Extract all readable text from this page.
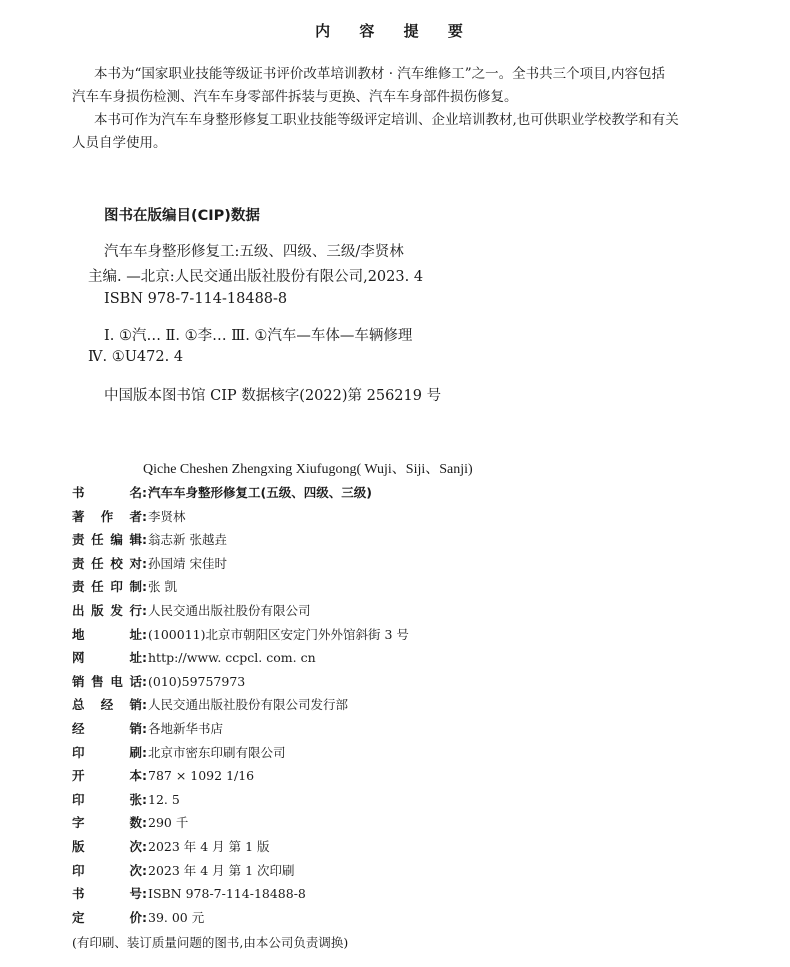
内 容 提 要
本书为“国家职业技能等级证书评价改革培训教材 · 汽车维修工”之一。全书共三个项目,内容包括
汽车车身损伤检测、汽车车身零部件拆装与更换、汽车车身部件损伤修复。
本书可作为汽车车身整形修复工职业技能等级评定培训、企业培训教材,也可供职业学校教学和有关
人员自学使用。
图书在版编目(CIP)数据
汽车车身整形修复工:五级、四级、三级/李贤林
主编. —北京:人民交通出版社股份有限公司,2023. 4
ISBN 978-7-114-18488-8
Ⅰ. ①汽… Ⅱ. ①李… Ⅲ. ①汽车—车体—车辆修理
Ⅳ. ①U472. 4
中国版本图书馆 CIP 数据核字(2022)第 256219 号
Qiche Cheshen Zhengxing Xiufugong( Wuji、Siji、Sanji)
书名:汽车车身整形修复工(五级、四级、三级)
著作者:李贤林
责任编辑:翁志新 张越垚
责任校对:孙国靖 宋佳时
责任印制:张 凯
出版发行:人民交通出版社股份有限公司
地址:(100011)北京市朝阳区安定门外外馆斜街 3 号
网址:http://www. ccpcl. com. cn
销售电话:(010)59757973
总经销:人民交通出版社股份有限公司发行部
经销:各地新华书店
印刷:北京市密东印刷有限公司
开本:787 × 1092 1/16
印张:12. 5
字数:290 千
版次:2023 年 4 月 第 1 版
印次:2023 年 4 月 第 1 次印刷
书号:ISBN 978-7-114-18488-8
定价:39. 00 元
(有印刷、装订质量问题的图书,由本公司负责调换)
